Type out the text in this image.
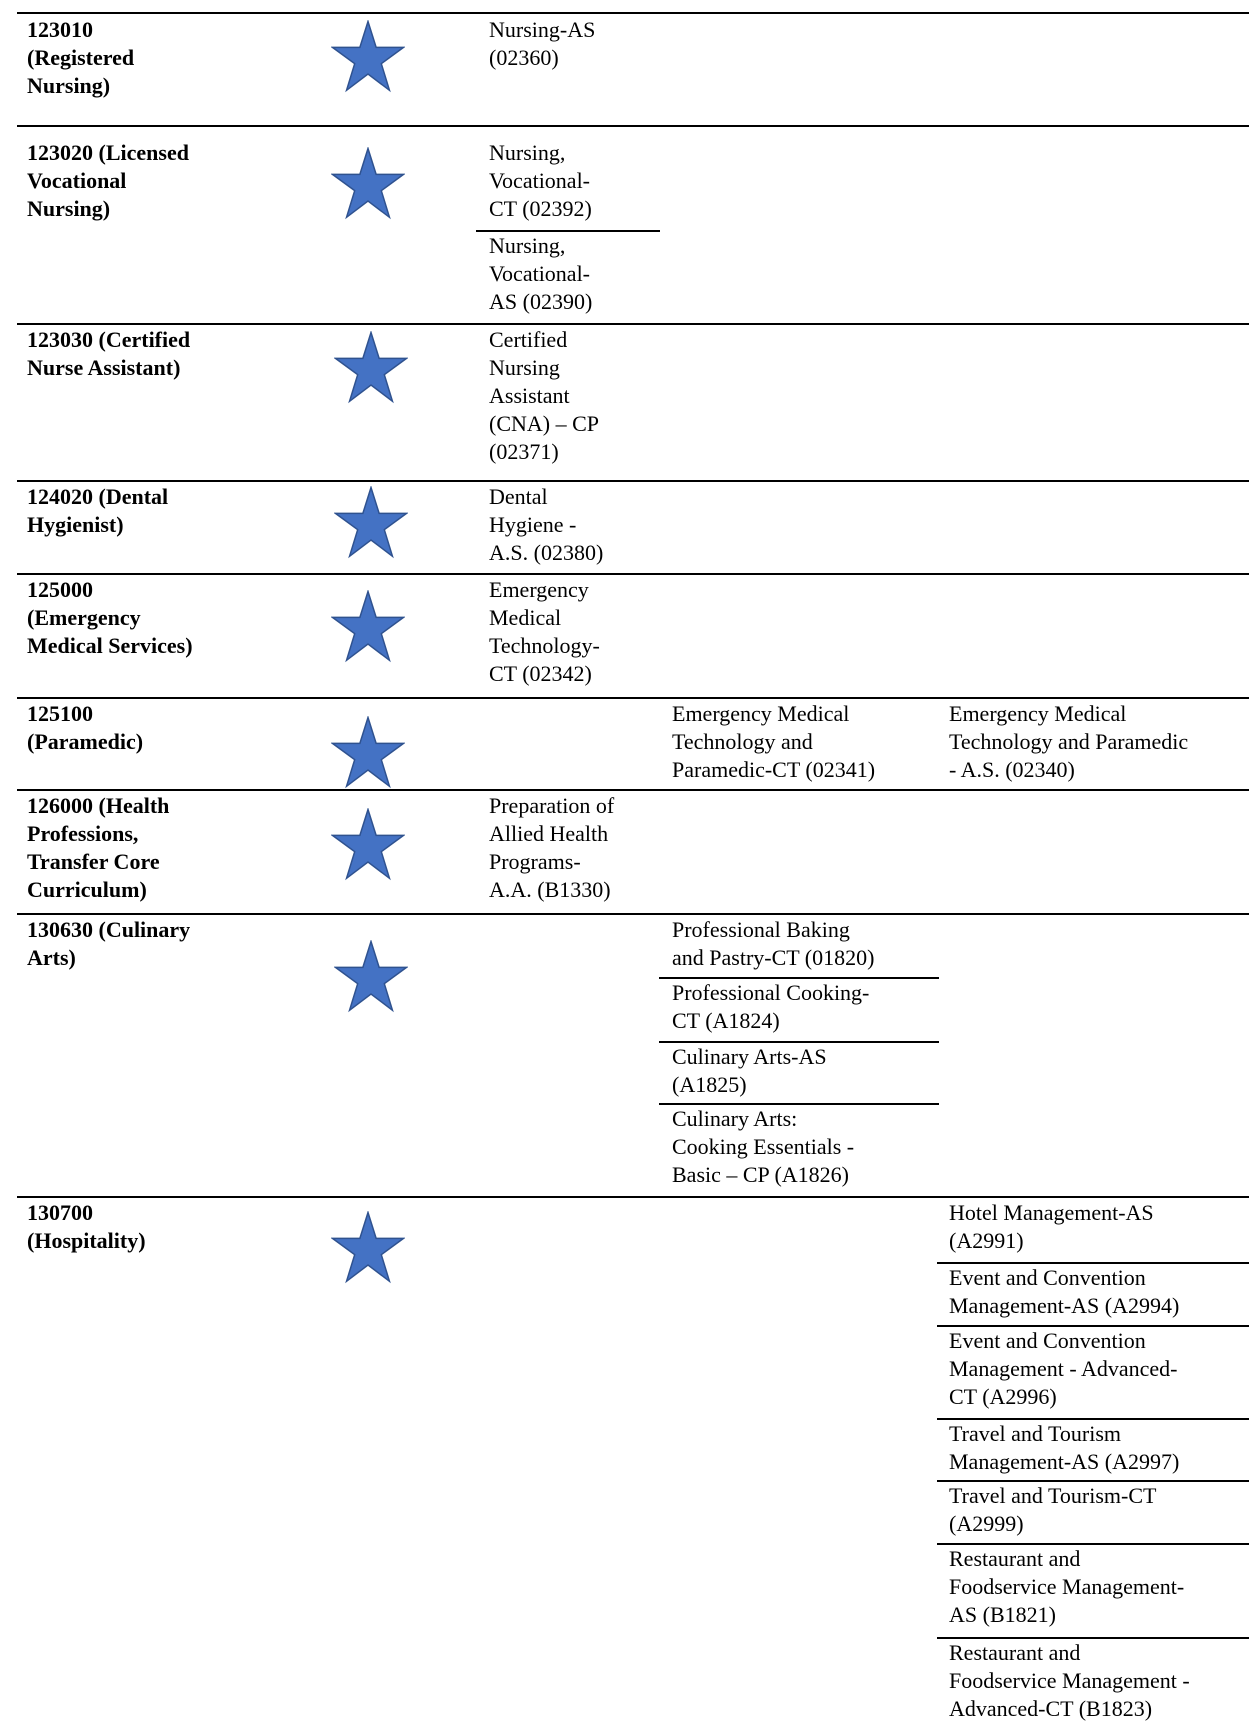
123010
(Registered
Nursing)
Nursing-AS
(02360)
123020 (Licensed
Vocational
Nursing)
Nursing,
Vocational-
CT (02392)
Nursing,
Vocational-
AS (02390)
123030 (Certified
Nurse Assistant)
Certified
Nursing
Assistant
(CNA) – CP
(02371)
124020 (Dental
Hygienist)
Dental
Hygiene -
A.S. (02380)
125000
(Emergency
Medical Services)
Emergency
Medical
Technology-
CT (02342)
125100
(Paramedic)
Emergency Medical
Technology and
Paramedic-CT (02341)
Emergency Medical
Technology and Paramedic
- A.S. (02340)
126000 (Health
Professions,
Transfer Core
Curriculum)
Preparation of
Allied Health
Programs-
A.A. (B1330)
130630 (Culinary
Arts)
Professional Baking
and Pastry-CT (01820)
Professional Cooking-
CT (A1824)
Culinary Arts-AS
(A1825)
Culinary Arts:
Cooking Essentials -
Basic – CP (A1826)
130700
(Hospitality)
Hotel Management-AS
(A2991)
Event and Convention
Management-AS (A2994)
Event and Convention
Management - Advanced-
CT (A2996)
Travel and Tourism
Management-AS (A2997)
Travel and Tourism-CT
(A2999)
Restaurant and
Foodservice Management-
AS (B1821)
Restaurant and
Foodservice Management -
Advanced-CT (B1823)
